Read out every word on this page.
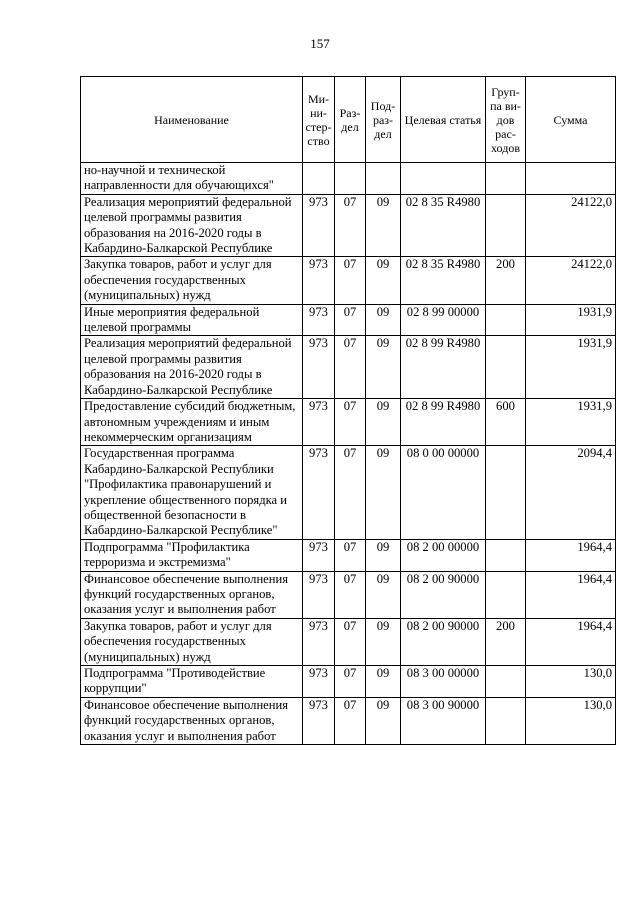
157
Наименование	Ми- ни- стер- ство	Раз- дел	Под- раз- дел	Целевая статья	Груп- па ви- дов рас- ходов	Сумма
но-научной и технической направленности для обучающихся"						
Реализация мероприятий федеральной целевой программы развития образования на 2016-2020 годы в Кабардино-Балкарской Республике	973	07	09	02 8 35 R4980		24122,0
Закупка товаров, работ и услуг для обеспечения государственных (муниципальных) нужд	973	07	09	02 8 35 R4980	200	24122,0
Иные мероприятия федеральной целевой программы	973	07	09	02 8 99 00000		1931,9
Реализация мероприятий федеральной целевой программы развития образования на 2016-2020 годы в Кабардино-Балкарской Республике	973	07	09	02 8 99 R4980		1931,9
Предоставление субсидий бюджетным, автономным учреждениям и иным некоммерческим организациям	973	07	09	02 8 99 R4980	600	1931,9
Государственная программа Кабардино-Балкарской Республики "Профилактика правонарушений и укрепление общественного порядка и общественной безопасности в Кабардино-Балкарской Республике"	973	07	09	08 0 00 00000		2094,4
Подпрограмма "Профилактика терроризма и экстремизма"	973	07	09	08 2 00 00000		1964,4
Финансовое обеспечение выполнения функций государственных органов, оказания услуг и выполнения работ	973	07	09	08 2 00 90000		1964,4
Закупка товаров, работ и услуг для обеспечения государственных (муниципальных) нужд	973	07	09	08 2 00 90000	200	1964,4
Подпрограмма "Противодействие коррупции"	973	07	09	08 3 00 00000		130,0
Финансовое обеспечение выполнения функций государственных органов, оказания услуг и выполнения работ	973	07	09	08 3 00 90000		130,0
